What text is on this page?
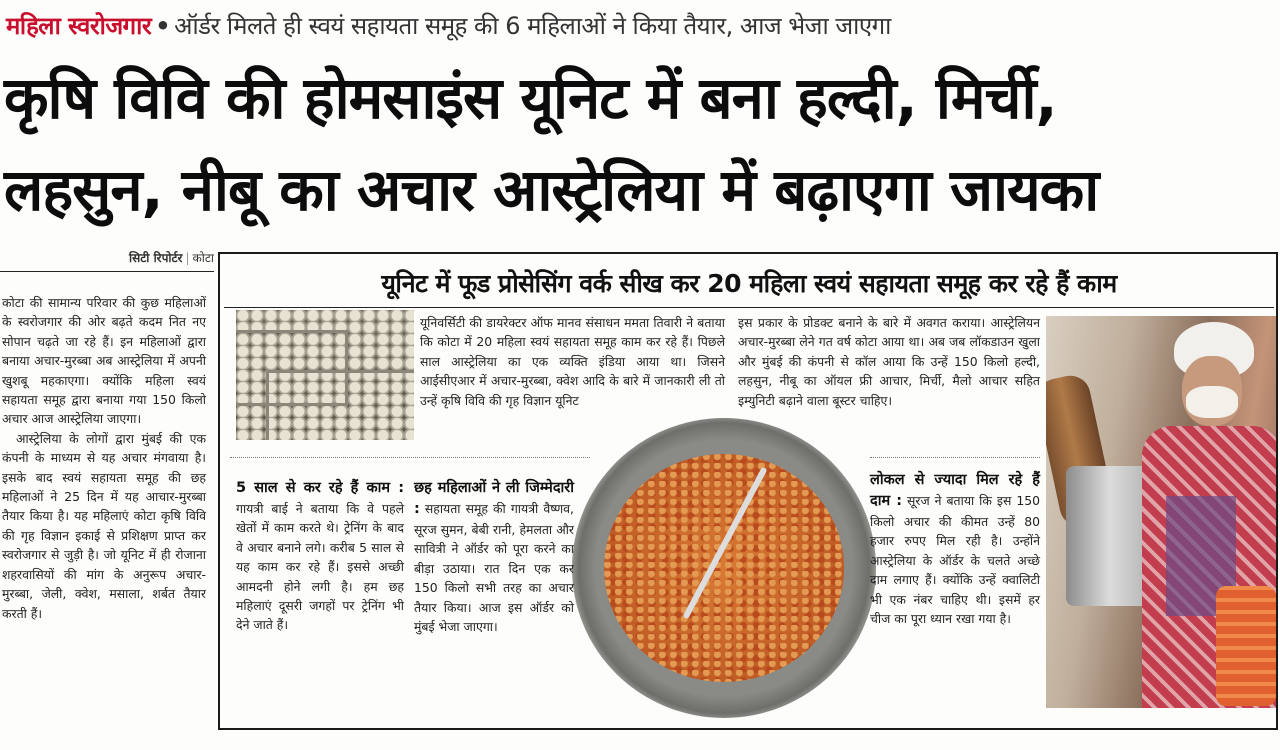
महिला स्वरोजगार • ऑर्डर मिलते ही स्वयं सहायता समूह की 6 महिलाओं ने किया तैयार, आज भेजा जाएगा
कृषि विवि की होमसाइंस यूनिट में बना हल्दी, मिर्ची,
लहसुन, नीबू का अचार आस्ट्रेलिया में बढ़ाएगा जायका
सिटी रिपोर्टर | कोटा

कोटा की सामान्य परिवार की कुछ महिलाओं के स्वरोजगार की ओर बढ़ते कदम नित नए सोपान चढ़ते जा रहे हैं। इन महिलाओं द्वारा बनाया अचार-मुरब्बा अब आस्ट्रेलिया में अपनी खुशबू महकाएगा। क्योंकि महिला स्वयं सहायता समूह द्वारा बनाया गया 150 किलो अचार आज आस्ट्रेलिया जाएगा।

आस्ट्रेलिया के लोगों द्वारा मुंबई की एक कंपनी के माध्यम से यह अचार मंगवाया है। इसके बाद स्वयं सहायता समूह की छह महिलाओं ने 25 दिन में यह आचार-मुरब्बा तैयार किया है। यह महिलाएं कोटा कृषि विवि की गृह विज्ञान इकाई से प्रशिक्षण प्राप्त कर स्वरोजगार से जुड़ी है। जो यूनिट में ही रोजाना शहरवासियों की मांग के अनुरूप अचार-मुरब्बा, जेली, क्वेश, मसाला, शर्बत तैयार करती हैं।

यूनिट में फूड प्रोसेसिंग वर्क सीख कर 20 महिला स्वयं सहायता समूह कर रहे हैं काम

यूनिवर्सिटी की डायरेक्टर ऑफ मानव संसाधन ममता तिवारी ने बताया कि कोटा में 20 महिला स्वयं सहायता समूह काम कर रहे हैं। पिछले साल आस्ट्रेलिया का एक व्यक्ति इंडिया आया था। जिसने आईसीएआर में अचार-मुरब्बा, क्वेश आदि के बारे में जानकारी ली तो उन्हें कृषि विवि की गृह विज्ञान यूनिट

इस प्रकार के प्रोडक्ट बनाने के बारे में अवगत कराया। आस्ट्रेलियन अचार-मुरब्बा लेने गत वर्ष कोटा आया था। अब जब लॉकडाउन खुला और मुंबई की कंपनी से कॉल आया कि उन्हें 150 किलो हल्दी, लहसुन, नीबू का ऑयल फ्री आचार, मिर्ची, मैलो आचार सहित इम्युनिटी बढ़ाने वाला बूस्टर चाहिए।

5 साल से कर रहे हैं काम : गायत्री बाई ने बताया कि वे पहले खेतों में काम करते थे। ट्रेनिंग के बाद वे अचार बनाने लगे। करीब 5 साल से यह काम कर रहे हैं। इससे अच्छी आमदनी होने लगी है। हम छह महिलाएं दूसरी जगहों पर ट्रेनिंग भी देने जाते हैं।

छह महिलाओं ने ली जिम्मेदारी : सहायता समूह की गायत्री वैष्णव, सूरज सुमन, बेबी रानी, हेमलता और सावित्री ने ऑर्डर को पूरा करने का बीड़ा उठाया। रात दिन एक कर 150 किलो सभी तरह का अचार तैयार किया। आज इस ऑर्डर को मुंबई भेजा जाएगा।

लोकल से ज्यादा मिल रहे हैं दाम : सूरज ने बताया कि इस 150 किलो अचार की कीमत उन्हें 80 हजार रुपए मिल रही है। उन्होंने आस्ट्रेलिया के ऑर्डर के चलते अच्छे दाम लगाए हैं। क्योंकि उन्हें क्वालिटी भी एक नंबर चाहिए थी। इसमें हर चीज का पूरा ध्यान रखा गया है।
